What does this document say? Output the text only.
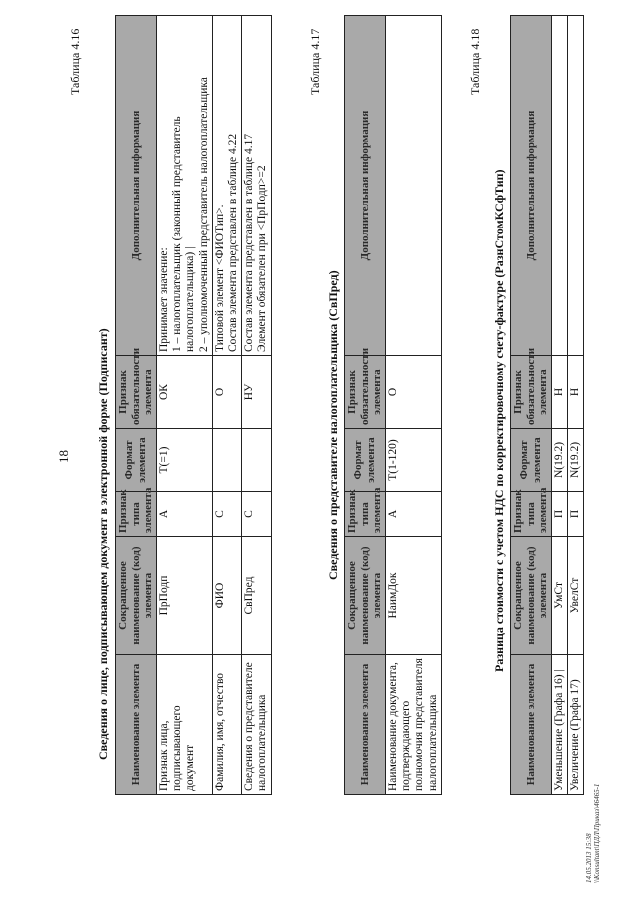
18
Таблица 4.16
Сведения о лице, подписывающем документ в электронной форме (Подписант) Наименование элемента	Сокращенное наименование (код) элемента	Признак типа элемента	Формат элемента	Признак обязательности элемента	Дополнительная информация
Признак лица, подписывающего документ	ПрПодп	А	Т(=1)	ОК	Принимает значение: 1 – налогоплательщик (законный представитель налогоплательщика) | 2 – уполномоченный представитель налогоплательщика

Фамилия, имя, отчество	ФИО	С		О	Типовой элемент <ФИОТип>. Состав элемента представлен в таблице 4.22

Сведения о представителе налогоплательщика	СвПред	С		НУ	Состав элемента представлен в таблице 4.17 Элемент обязателен при <ПрПодп>=2
Таблица 4.17
Сведения о представителе налогоплательщика (СвПред)
Наименование элемента	Сокращенное наименование (код) элемента	Признак типа элемента	Формат элемента	Признак обязательности элемента	Дополнительная информация
Наименование документа, подтверждающего полномочия представителя налогоплательщика	НаимДок	А	Т(1-120)	О	
Таблица 4.18
Разница стоимости с учетом НДС по корректировочному счету-фактуре (РазнСтомКСфТип)
Наименование элемента	Сокращенное наименование (код) элемента	Признак типа элемента	Формат элемента	Признак обязательности элемента	Дополнительная информация
Уменьшение (Графа 16) |	УмСт	П	N(19.2)	Н	
Увеличение (Графа 17)	УвелСт	П	N(19.2)	Н	
14.05.2013 15:38 \\Konsultant\ПДЛ\Приказ\46465-1
